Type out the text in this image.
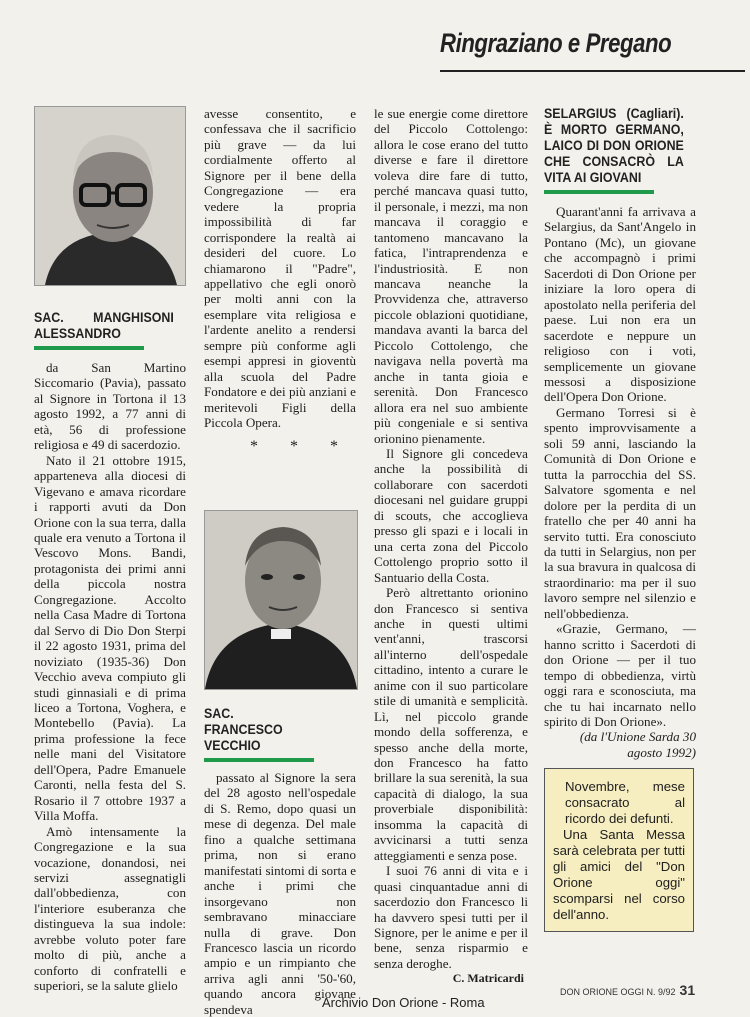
Ringraziano e Pregano
SAC. MANGHISONI ALESSANDRO

da San Martino Siccomario (Pavia), passato al Signore in Tortona il 13 agosto 1992, a 77 anni di età, 56 di professione religiosa e 49 di sacerdozio.

Nato il 21 ottobre 1915, apparteneva alla diocesi di Vigevano e amava ricordare i rapporti avuti da Don Orione con la sua terra, dalla quale era venuto a Tortona il Vescovo Mons. Bandi, protagonista dei primi anni della piccola nostra Congregazione. Accolto nella Casa Madre di Tortona dal Servo di Dio Don Sterpi il 22 agosto 1931, prima del noviziato (1935-36) Don Vecchio aveva compiuto gli studi ginnasiali e di prima liceo a Tortona, Voghera, e Montebello (Pavia). La prima professione la fece nelle mani del Visitatore dell'Opera, Padre Emanuele Caronti, nella festa del S. Rosario il 7 ottobre 1937 a Villa Moffa.

Amò intensamente la Congregazione e la sua vocazione, donandosi, nei servizi assegnatigli dall'obbedienza, con l'interiore esuberanza che distingueva la sua indole: avrebbe voluto poter fare molto di più, anche a conforto di confratelli e superiori, se la salute glielo

avesse consentito, e confessava che il sacrificio più grave — da lui cordialmente offerto al Signore per il bene della Congregazione — era vedere la propria impossibilità di far corrispondere la realtà ai desideri del cuore. Lo chiamarono il "Padre", appellativo che egli onorò per molti anni con la esemplare vita religiosa e l'ardente anelito a rendersi sempre più conforme agli esempi appresi in gioventù alla scuola del Padre Fondatore e dei più anziani e meritevoli Figli della Piccola Opera.

* * *
SAC. FRANCESCO VECCHIO

passato al Signore la sera del 28 agosto nell'ospedale di S. Remo, dopo quasi un mese di degenza. Del male fino a qualche settimana prima, non si erano manifestati sintomi di sorta e anche i primi che insorgevano non sembravano minacciare nulla di grave. Don Francesco lascia un ricordo ampio e un rimpianto che arriva agli anni '50-'60, quando ancora giovane spendeva

le sue energie come direttore del Piccolo Cottolengo: allora le cose erano del tutto diverse e fare il direttore voleva dire fare di tutto, perché mancava quasi tutto, il personale, i mezzi, ma non mancava il coraggio e tantomeno mancavano la fatica, l'intraprendenza e l'industriosità. E non mancava neanche la Provvidenza che, attraverso piccole oblazioni quotidiane, mandava avanti la barca del Piccolo Cottolengo, che navigava nella povertà ma anche in tanta gioia e serenità. Don Francesco allora era nel suo ambiente più congeniale e si sentiva orionino pienamente.

Il Signore gli concedeva anche la possibilità di collaborare con sacerdoti diocesani nel guidare gruppi di scouts, che accoglieva presso gli spazi e i locali in una certa zona del Piccolo Cottolengo proprio sotto il Santuario della Costa.

Però altrettanto orionino don Francesco si sentiva anche in questi ultimi vent'anni, trascorsi all'interno dell'ospedale cittadino, intento a curare le anime con il suo particolare stile di umanità e semplicità. Lì, nel piccolo grande mondo della sofferenza, e spesso anche della morte, don Francesco ha fatto brillare la sua serenità, la sua capacità di dialogo, la sua proverbiale disponibilità: insomma la capacità di avvicinarsi a tutti senza atteggiamenti e senza pose.

I suoi 76 anni di vita e i quasi cinquantadue anni di sacerdozio don Francesco li ha davvero spesi tutti per il Signore, per le anime e per il bene, senza risparmio e senza deroghe.

C. Matricardi
SELARGIUS (Cagliari). È MORTO GERMANO, LAICO DI DON ORIONE CHE CONSACRÒ LA VITA AI GIOVANI

Quarant'anni fa arrivava a Selargius, da Sant'Angelo in Pontano (Mc), un giovane che accompagnò i primi Sacerdoti di Don Orione per iniziare la loro opera di apostolato nella periferia del paese. Lui non era un sacerdote e neppure un religioso con i voti, semplicemente un giovane messosi a disposizione dell'Opera Don Orione.

Germano Torresi si è spento improvvisamente a soli 59 anni, lasciando la Comunità di Don Orione e tutta la parrocchia del SS. Salvatore sgomenta e nel dolore per la perdita di un fratello che per 40 anni ha servito tutti. Era conosciuto da tutti in Selargius, non per la sua bravura in qualcosa di straordinario: ma per il suo lavoro sempre nel silenzio e nell'obbedienza.

«Grazie, Germano, — hanno scritto i Sacerdoti di don Orione — per il tuo tempo di obbedienza, virtù oggi rara e sconosciuta, ma che tu hai incarnato nello spirito di Don Orione».

(da l'Unione Sarda 30 agosto 1992)

Novembre, mese consacrato al ricordo dei defunti.

Una Santa Messa sarà celebrata per tutti gli amici del "Don Orione oggi" scomparsi nel corso dell'anno.

DON ORIONE OGGI N. 9/92 31
Archivio Don Orione - Roma
